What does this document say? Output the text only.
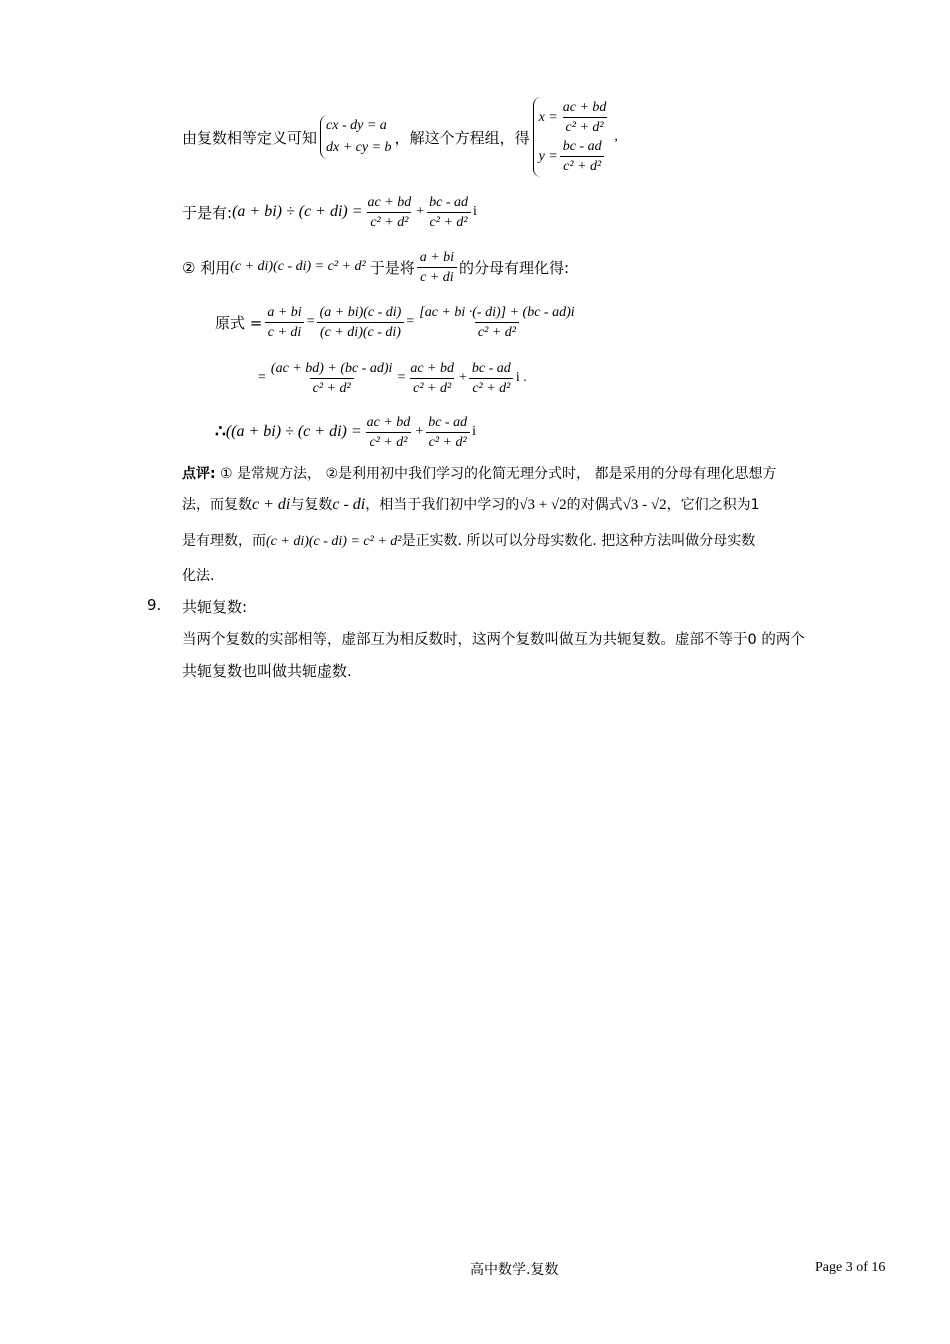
由复数相等定义可知
cx - dy = a
dx + cy = b
，解这个方程组，得
$x = \frac{ac + bd}{\text{c² + d²}}$
$y = \frac{bc - ad}{\text{c² + d²}}$
,
于是有: $(a + bi) \div (c + di) = \frac{ac + bd}{\text{c² + d²}} + \frac{bc - ad}{\text{c² + d²}}$ i
② 利用 (c + di)(c - di) = c² + d² 于是将 $\frac{a + bi}{c + di}$ 的分母有理化得:
原式 = $\frac{a + bi}{c + di} = \frac{(a + bi)(c - di)}{(c + di)(c - di)} = \frac{[ac + bi \cdot(- di)] + (bc - ad)i}{\text{c² + d²}}$
= $\frac{(ac + bd) + (bc - ad)i}{\text{c² + d²}} = \frac{ac + bd}{\text{c² + d²}} + \frac{bc - ad}{\text{c² + d²}}$ i .
∴ ($(a + bi) \div (c + di) = \frac{ac + bd}{\text{c² + d²}} + \frac{bc - ad}{\text{c² + d²}}$ i
点评: ① 是常规方法， ②是利用初中我们学习的化简无理分式时， 都是采用的分母有理化思想方
法，而复数c + di与复数c - di，相当于我们初中学习的√3 + √2的对偶式√3 - √2，它们之积为1
是有理数，而(c + di)(c - di) = c² + d²是正实数. 所以可以分母实数化. 把这种方法叫做分母实数
化法.
9. 共轭复数:
当两个复数的实部相等，虚部互为相反数时，这两个复数叫做互为共轭复数。虚部不等于0 的两个
共轭复数也叫做共轭虚数.
高中数学.复数	Page 3 of 16
